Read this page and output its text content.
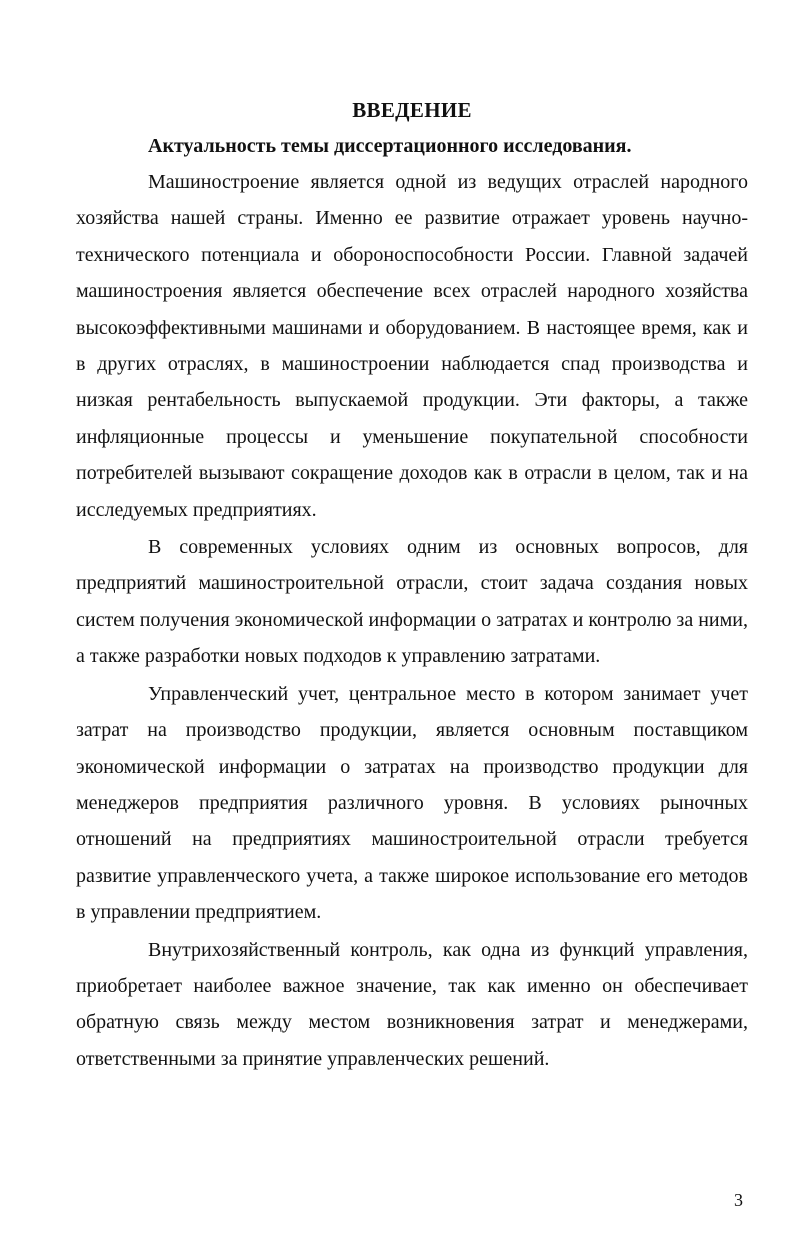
ВВЕДЕНИЕ

Актуальность темы диссертационного исследования.

Машиностроение является одной из ведущих отраслей народного хозяйства нашей страны. Именно ее развитие отражает уровень научно-технического потенциала и обороноспособности России. Главной задачей машиностроения является обеспечение всех отраслей народного хозяйства высокоэффективными машинами и оборудованием. В настоящее время, как и в других отраслях, в машиностроении наблюдается спад производства и низкая рентабельность выпускаемой продукции. Эти факторы, а также инфляционные процессы и уменьшение покупательной способности потребителей вызывают сокращение доходов как в отрасли в целом, так и на исследуемых предприятиях.

В современных условиях одним из основных вопросов, для предприятий машиностроительной отрасли, стоит задача создания новых систем получения экономической информации о затратах и контролю за ними, а также разработки новых подходов к управлению затратами.

Управленческий учет, центральное место в котором занимает учет затрат на производство продукции, является основным поставщиком экономической информации о затратах на производство продукции для менеджеров предприятия различного уровня. В условиях рыночных отношений на предприятиях машиностроительной отрасли требуется развитие управленческого учета, а также широкое использование его методов в управлении предприятием.

Внутрихозяйственный контроль, как одна из функций управления, приобретает наиболее важное значение, так как именно он обеспечивает обратную связь между местом возникновения затрат и менеджерами, ответственными за принятие управленческих решений.

3
